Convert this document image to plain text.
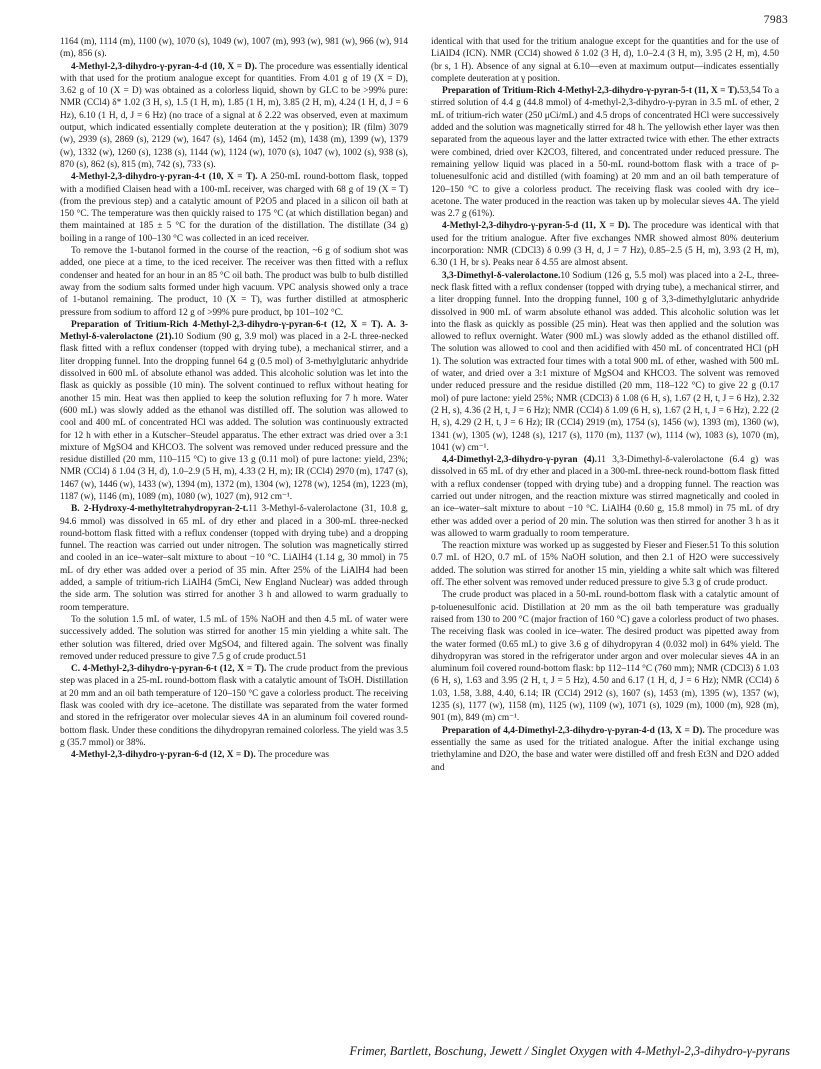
7983

1164 (m), 1114 (m), 1100 (w), 1070 (s), 1049 (w), 1007 (m), 993 (w), 981 (w), 966 (w), 914 (m), 856 (s).

4-Methyl-2,3-dihydro-γ-pyran-4-d (10, X = D). The procedure was essentially identical with that used for the protium analogue except for quantities. From 4.01 g of 19 (X = D), 3.62 g of 10 (X = D) was obtained as a colorless liquid, shown by GLC to be >99% pure: NMR (CCl4) δ* 1.02 (3 H, s), 1.5 (1 H, m), 1.85 (1 H, m), 3.85 (2 H, m), 4.24 (1 H, d, J = 6 Hz), 6.10 (1 H, d, J = 6 Hz) (no trace of a signal at δ 2.22 was observed, even at maximum output, which indicated essentially complete deuteration at the γ position); IR (film) 3079 (w), 2939 (s), 2869 (s), 2129 (w), 1647 (s), 1464 (m), 1452 (m), 1438 (m), 1399 (w), 1379 (w), 1332 (w), 1260 (s), 1238 (s), 1144 (w), 1124 (w), 1070 (s), 1047 (w), 1002 (s), 938 (s), 870 (s), 862 (s), 815 (m), 742 (s), 733 (s).

4-Methyl-2,3-dihydro-γ-pyran-4-t (10, X = T). A 250-mL round-bottom flask, topped with a modified Claisen head with a 100-mL receiver, was charged with 68 g of 19 (X = T) (from the previous step) and a catalytic amount of P2O5 and placed in a silicon oil bath at 150 °C. The temperature was then quickly raised to 175 °C (at which distillation began) and them maintained at 185 ± 5 °C for the duration of the distillation. The distillate (34 g) boiling in a range of 100–130 °C was collected in an iced receiver.

To remove the 1-butanol formed in the course of the reaction, ~6 g of sodium shot was added, one piece at a time, to the iced receiver. The receiver was then fitted with a reflux condenser and heated for an hour in an 85 °C oil bath. The product was bulb to bulb distilled away from the sodium salts formed under high vacuum. VPC analysis showed only a trace of 1-butanol remaining. The product, 10 (X = T), was further distilled at atmospheric pressure from sodium to afford 12 g of >99% pure product, bp 101–102 °C.

Preparation of Tritium-Rich 4-Methyl-2,3-dihydro-γ-pyran-6-t (12, X = T). A. 3-Methyl-δ-valerolactone (21).10 Sodium (90 g, 3.9 mol) was placed in a 2-L three-necked flask fitted with a reflux condenser (topped with drying tube), a mechanical stirrer, and a liter dropping funnel. Into the dropping funnel 64 g (0.5 mol) of 3-methylglutaric anhydride dissolved in 600 mL of absolute ethanol was added. This alcoholic solution was let into the flask as quickly as possible (10 min). The solvent continued to reflux without heating for another 15 min. Heat was then applied to keep the solution refluxing for 7 h more. Water (600 mL) was slowly added as the ethanol was distilled off. The solution was allowed to cool and 400 mL of concentrated HCl was added. The solution was continuously extracted for 12 h with ether in a Kutscher–Steudel apparatus. The ether extract was dried over a 3:1 mixture of MgSO4 and KHCO3. The solvent was removed under reduced pressure and the residue distilled (20 mm, 110–115 °C) to give 13 g (0.11 mol) of pure lactone: yield, 23%; NMR (CCl4) δ 1.04 (3 H, d), 1.0–2.9 (5 H, m), 4.33 (2 H, m); IR (CCl4) 2970 (m), 1747 (s), 1467 (w), 1446 (w), 1433 (w), 1394 (m), 1372 (m), 1304 (w), 1278 (w), 1254 (m), 1223 (m), 1187 (w), 1146 (m), 1089 (m), 1080 (w), 1027 (m), 912 cm⁻¹.

B. 2-Hydroxy-4-methyltetrahydropyran-2-t.11 3-Methyl-δ-valerolactone (31, 10.8 g, 94.6 mmol) was dissolved in 65 mL of dry ether and placed in a 300-mL three-necked round-bottom flask fitted with a reflux condenser (topped with drying tube) and a dropping funnel. The reaction was carried out under nitrogen. The solution was magnetically stirred and cooled in an ice–water–salt mixture to about −10 °C. LiAlH4 (1.14 g, 30 mmol) in 75 mL of dry ether was added over a period of 35 min. After 25% of the LiAlH4 had been added, a sample of tritium-rich LiAlH4 (5mCi, New England Nuclear) was added through the side arm. The solution was stirred for another 3 h and allowed to warm gradually to room temperature.

To the solution 1.5 mL of water, 1.5 mL of 15% NaOH and then 4.5 mL of water were successively added. The solution was stirred for another 15 min yielding a white salt. The ether solution was filtered, dried over MgSO4, and filtered again. The solvent was finally removed under reduced pressure to give 7.5 g of crude product.51

C. 4-Methyl-2,3-dihydro-γ-pyran-6-t (12, X = T). The crude product from the previous step was placed in a 25-mL round-bottom flask with a catalytic amount of TsOH. Distillation at 20 mm and an oil bath temperature of 120–150 °C gave a colorless product. The receiving flask was cooled with dry ice–acetone. The distillate was separated from the water formed and stored in the refrigerator over molecular sieves 4A in an aluminum foil covered round-bottom flask. Under these conditions the dihydropyran remained colorless. The yield was 3.5 g (35.7 mmol) or 38%.

4-Methyl-2,3-dihydro-γ-pyran-6-d (12, X = D). The procedure was

identical with that used for the tritium analogue except for the quantities and for the use of LiAlD4 (ICN). NMR (CCl4) showed δ 1.02 (3 H, d), 1.0–2.4 (3 H, m), 3.95 (2 H, m), 4.50 (br s, 1 H). Absence of any signal at 6.10—even at maximum output—indicates essentially complete deuteration at γ position.

Preparation of Tritium-Rich 4-Methyl-2,3-dihydro-γ-pyran-5-t (11, X = T).53,54 To a stirred solution of 4.4 g (44.8 mmol) of 4-methyl-2,3-dihydro-γ-pyran in 3.5 mL of ether, 2 mL of tritium-rich water (250 μCi/mL) and 4.5 drops of concentrated HCl were successively added and the solution was magnetically stirred for 48 h. The yellowish ether layer was then separated from the aqueous layer and the latter extracted twice with ether. The ether extracts were combined, dried over K2CO3, filtered, and concentrated under reduced pressure. The remaining yellow liquid was placed in a 50-mL round-bottom flask with a trace of p-toluenesulfonic acid and distilled (with foaming) at 20 mm and an oil bath temperature of 120–150 °C to give a colorless product. The receiving flask was cooled with dry ice–acetone. The water produced in the reaction was taken up by molecular sieves 4A. The yield was 2.7 g (61%).

4-Methyl-2,3-dihydro-γ-pyran-5-d (11, X = D). The procedure was identical with that used for the tritium analogue. After five exchanges NMR showed almost 80% deuterium incorporation: NMR (CDCl3) δ 0.99 (3 H, d, J = 7 Hz), 0.85–2.5 (5 H, m), 3.93 (2 H, m), 6.30 (1 H, br s). Peaks near δ 4.55 are almost absent.

3,3-Dimethyl-δ-valerolactone.10 Sodium (126 g, 5.5 mol) was placed into a 2-L, three-neck flask fitted with a reflux condenser (topped with drying tube), a mechanical stirrer, and a liter dropping funnel. Into the dropping funnel, 100 g of 3,3-dimethylglutaric anhydride dissolved in 900 mL of warm absolute ethanol was added. This alcoholic solution was let into the flask as quickly as possible (25 min). Heat was then applied and the solution was allowed to reflux overnight. Water (900 mL) was slowly added as the ethanol distilled off. The solution was allowed to cool and then acidified with 450 mL of concentrated HCl (pH 1). The solution was extracted four times with a total 900 mL of ether, washed with 500 mL of water, and dried over a 3:1 mixture of MgSO4 and KHCO3. The solvent was removed under reduced pressure and the residue distilled (20 mm, 118–122 °C) to give 22 g (0.17 mol) of pure lactone: yield 25%; NMR (CDCl3) δ 1.08 (6 H, s), 1.67 (2 H, t, J = 6 Hz), 2.32 (2 H, s), 4.36 (2 H, t, J = 6 Hz); NMR (CCl4) δ 1.09 (6 H, s), 1.67 (2 H, t, J = 6 Hz), 2.22 (2 H, s), 4.29 (2 H, t, J = 6 Hz); IR (CCl4) 2919 (m), 1754 (s), 1456 (w), 1393 (m), 1360 (w), 1341 (w), 1305 (w), 1248 (s), 1217 (s), 1170 (m), 1137 (w), 1114 (w), 1083 (s), 1070 (m), 1041 (w) cm⁻¹.

4,4-Dimethyl-2,3-dihydro-γ-pyran (4).11 3,3-Dimethyl-δ-valerolactone (6.4 g) was dissolved in 65 mL of dry ether and placed in a 300-mL three-neck round-bottom flask fitted with a reflux condenser (topped with drying tube) and a dropping funnel. The reaction was carried out under nitrogen, and the reaction mixture was stirred magnetically and cooled in an ice–water–salt mixture to about −10 °C. LiAlH4 (0.60 g, 15.8 mmol) in 75 mL of dry ether was added over a period of 20 min. The solution was then stirred for another 3 h as it was allowed to warm gradually to room temperature.

The reaction mixture was worked up as suggested by Fieser and Fieser.51 To this solution 0.7 mL of H2O, 0.7 mL of 15% NaOH solution, and then 2.1 of H2O were successively added. The solution was stirred for another 15 min, yielding a white salt which was filtered off. The ether solvent was removed under reduced pressure to give 5.3 g of crude product.

The crude product was placed in a 50-mL round-bottom flask with a catalytic amount of p-toluenesulfonic acid. Distillation at 20 mm as the oil bath temperature was gradually raised from 130 to 200 °C (major fraction of 160 °C) gave a colorless product of two phases. The receiving flask was cooled in ice–water. The desired product was pipetted away from the water formed (0.65 mL) to give 3.6 g of dihydropyran 4 (0.032 mol) in 64% yield. The dihydropyran was stored in the refrigerator under argon and over molecular sieves 4A in an aluminum foil covered round-bottom flask: bp 112–114 °C (760 mm); NMR (CDCl3) δ 1.03 (6 H, s), 1.63 and 3.95 (2 H, t, J = 5 Hz), 4.50 and 6.17 (1 H, d, J = 6 Hz); NMR (CCl4) δ 1.03, 1.58, 3.88, 4.40, 6.14; IR (CCl4) 2912 (s), 1607 (s), 1453 (m), 1395 (w), 1357 (w), 1235 (s), 1177 (w), 1158 (m), 1125 (w), 1109 (w), 1071 (s), 1029 (m), 1000 (m), 928 (m), 901 (m), 849 (m) cm⁻¹.

Preparation of 4,4-Dimethyl-2,3-dihydro-γ-pyran-4-d (13, X = D). The procedure was essentially the same as used for the tritiated analogue. After the initial exchange using triethylamine and D2O, the base and water were distilled off and fresh Et3N and D2O added and

Frimer, Bartlett, Boschung, Jewett / Singlet Oxygen with 4-Methyl-2,3-dihydro-γ-pyrans
